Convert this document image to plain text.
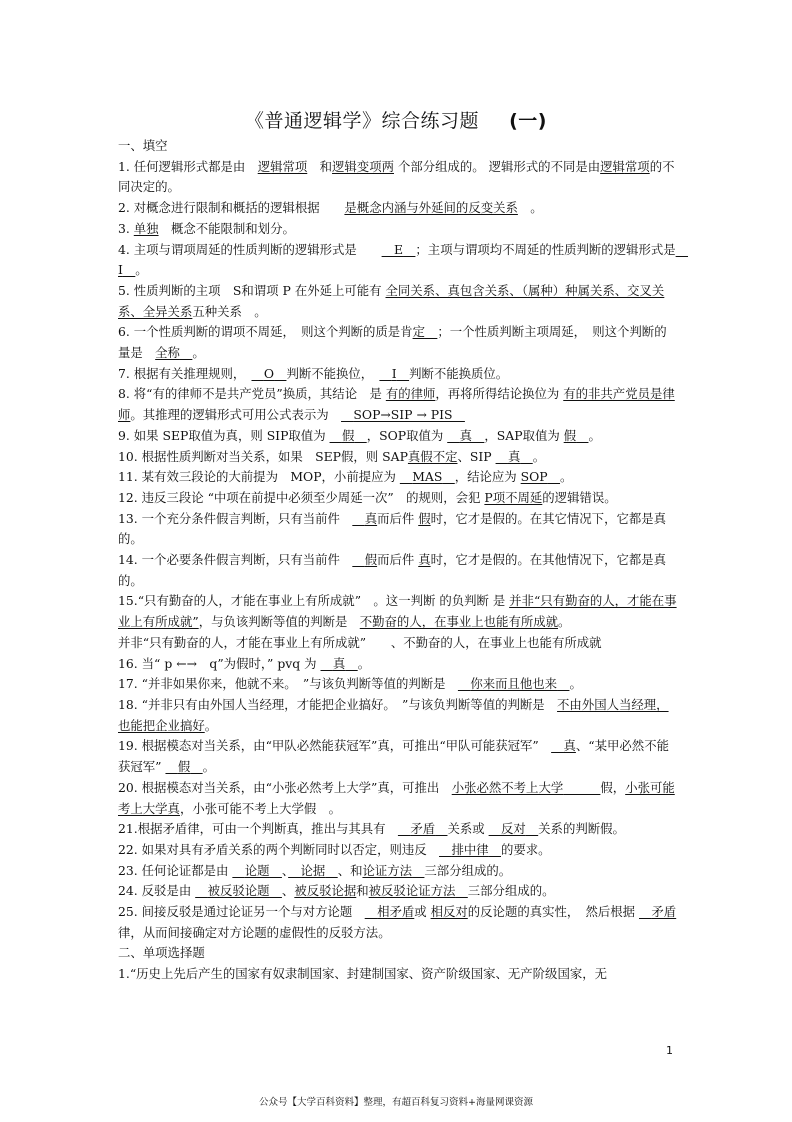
《普通逻辑学》综合练习题 (一)

一、填空

1. 任何逻辑形式都是由　 逻辑常项　 和逻辑变项两 个部分组成的。 逻辑形式的不同是由逻辑常项的不同决定的。

2. 对概念进行限制和概括的逻辑根据　　 是概念内涵与外延间的反变关系　 。

3. 单独　 概念不能限制和划分。

4. 主项与谓项周延的性质判断的逻辑形式是　　　	E　 ；主项与谓项均不周延的性质判断的逻辑形式是　I　 。

5. 性质判断的主项　 S和谓项 P 在外延上可能有 全同关系、真包含关系、（属种）种属关系、交叉关系、全异关系五种关系　 。

6. 一个性质判断的谓项不周延，　 则这个判断的质是肯定　 ；一个性质判断主项周延，　 则这个判断的量是　 全称　 。

7. 根据有关推理规则，　　 O　 判断不能换位，　　 I　 判断不能换质位。

8. 将“有的律师不是共产党员”换质，其结论　 是 有的律师，再将所得结论换位为 有的非共产党员是律师。其推理的逻辑形式可用公式表示为　　 SOP→SIP → PIS　

9. 如果 SEP取值为真，则 SIP取值为 　 假　 ，SOP取值为 　 真　 ，SAP取值为 假　 。

10. 根据性质判断对当关系，如果　 SEP假，则 SAP真假不定、SIP 　 真　 。

11. 某有效三段论的大前提为　 MOP，小前提应为 　 MAS　 ，结论应为 SOP　 。

12. 违反三段论 “中项在前提中必须至少周延一次”　 的规则，会犯 P项不周延的逻辑错误。

13. 一个充分条件假言判断，只有当前件　　 真而后件 假时，它才是假的。在其它情况下，它都是真的。

14. 一个必要条件假言判断，只有当前件　　 假而后件 真时，它才是假的。在其他情况下，它都是真的。

15.“只有勤奋的人，才能在事业上有所成就”　 。这一判断 的负判断 是 并非“只有勤奋的人，才能在事业上有所成就”，与负该判断等值的判断是　 不勤奋的人，在事业上也能有所成就。

并非“只有勤奋的人，才能在事业上有所成就”　　、不勤奋的人，在事业上也能有所成就

16. 当“ p ←→　 q”为假时，” pvq 为 　 真　 。

17. “并非如果你来，他就不来。　 ”与该负判断等值的判断是　　 你来而且他也来　 。

18. “并非只有由外国人当经理，才能把企业搞好。　 ”与该负判断等值的判断是　 不由外国人当经理，也能把企业搞好。

19. 根据模态对当关系，由“甲队必然能获冠军”真，可推出“甲队可能获冠军”　　 真、“某甲必然不能获冠军” 　 假　 。

20. 根据模态对当关系，由“小张必然考上大学”真，可推出　 小张必然不考上大学　　　	假，小张可能考上大学真，小张可能不考上大学假　 。

21.根据矛盾律，可由一个判断真，推出与其具有　　 矛盾　 关系或 　 反对　 关系的判断假。

22. 如果对具有矛盾关系的两个判断同时以否定，则违反　　 排中律　 的要求。

23. 任何论证都是由 　 论题　 、　 论据　 、和论证方法　 三部分组成的。

24. 反驳是由 　 被反驳论题　 、被反驳论据和被反驳论证方法　 三部分组成的。

25. 间接反驳是通过论证另一个与对方论题　　 相矛盾或 相反对的反论题的真实性，　 然后根据 　 矛盾律，从而间接确定对方论题的虚假性的反驳方法。

二、单项选择题

1.“历史上先后产生的国家有奴隶制国家、封建制国家、资产阶级国家、无产阶级国家，无

1
公众号【大学百科资料】整理，有超百科复习资料+海量网课资源
